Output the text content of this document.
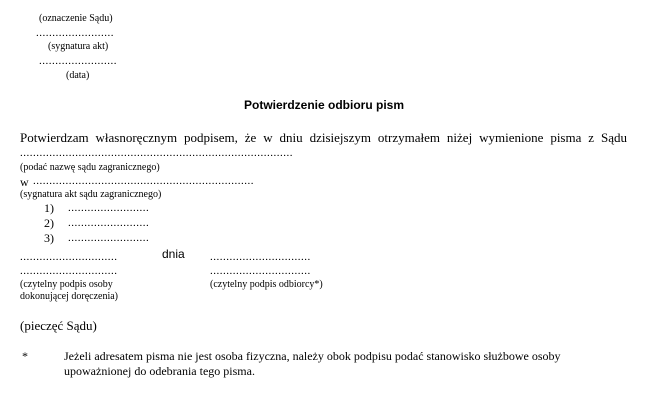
(oznaczenie Sądu)
........................
(sygnatura akt)
........................
(data)
Potwierdzenie odbioru pism
Potwierdzam własnoręcznym podpisem, że w dniu dzisiejszym otrzymałem niżej wymienione pisma z Sądu
....................................................................................
(podać nazwę sądu zagranicznego)
w ....................................................................
(sygnatura akt sądu zagranicznego)
1) .........................
2) .........................
3) .........................
..............................	dnia ...............................
..............................	...............................
(czytelny podpis osoby	(czytelny podpis odbiorcy*)
dokonującej doręczenia)
(pieczęć Sądu)
*	Jeżeli adresatem pisma nie jest osoba fizyczna, należy obok podpisu podać stanowisko służbowe osoby
upoważnionej do odebrania tego pisma.
